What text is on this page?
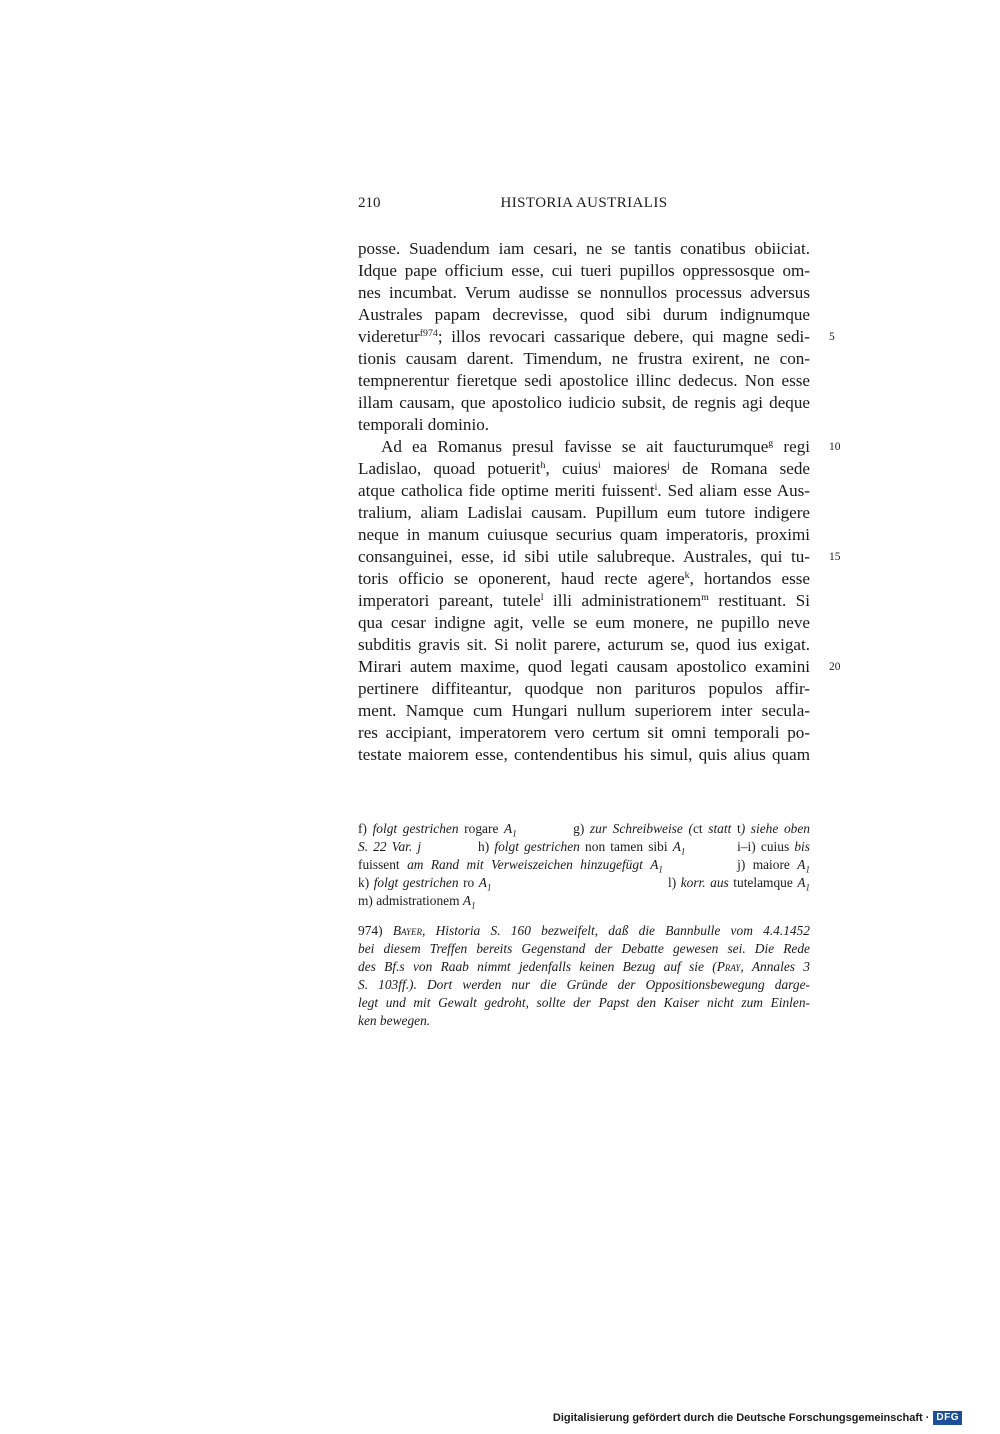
210	HISTORIA AUSTRIALIS
posse. Suadendum iam cesari, ne se tantis conatibus obiiciat.
Idque pape officium esse, cui tueri pupillos oppressosque om-
nes incumbat. Verum audisse se nonnullos processus adversus
Australes papam decrevisse, quod sibi durum indignumque
videretur$^{f974}$; illos revocari cassarique debere, qui magne sedi- 5
tionis causam darent. Timendum, ne frustra exirent, ne con-
tempnerentur fieretque sedi apostolice illinc dedecus. Non esse
illam causam, que apostolico iudicio subsit, de regnis agi deque
temporali dominio.
Ad ea Romanus presul favisse se ait faucturumque$^g$ regi 10
Ladislao, quoad potuerit$^h$, cuius$^i$ maiores$^j$ de Romana sede
atque catholica fide optime meriti fuissent$^i$. Sed aliam esse Aus-
tralium, aliam Ladislai causam. Pupillum eum tutore indigere
neque in manum cuiusque securius quam imperatoris, proximi
consanguinei, esse, id sibi utile salubreque. Australes, qui tu- 15
toris officio se oponerent, haud recte agere$^k$, hortandos esse
imperatori pareant, tutele$^l$ illi administrationem$^m$ restituant. Si
qua cesar indigne agit, velle se eum monere, ne pupillo neve
subditis gravis sit. Si nolit parere, acturum se, quod ius exigat.
Mirari autem maxime, quod legati causam apostolico examini 20
pertinere diffiteantur, quodque non parituros populos affir-
ment. Namque cum Hungari nullum superiorem inter secula-
res accipiant, imperatorem vero certum sit omni temporali po-
testate maiorem esse, contendentibus his simul, quis alius quam
f) folgt gestrichen rogare $A_1$	g) zur Schreibweise (ct statt t) siehe oben
S. 22 Var. j	h) folgt gestrichen non tamen sibi $A_1$	i–i) cuius bis
fuissent am Rand mit Verweiszeichen hinzugefügt $A_1$	j) maiore $A_1$
k) folgt gestrichen ro $A_1$	l) korr. aus tutelamque $A_1$
m) admistrationem $A_1$
974) Bayer, Historia S. 160 bezweifelt, daß die Bannbulle vom 4.4.1452
bei diesem Treffen bereits Gegenstand der Debatte gewesen sei. Die Rede
des Bf.s von Raab nimmt jedenfalls keinen Bezug auf sie (Pray, Annales 3
S. 103ff.). Dort werden nur die Gründe der Oppositionsbewegung darge-
legt und mit Gewalt gedroht, sollte der Papst den Kaiser nicht zum Einlen-
ken bewegen.
Digitalisierung gefördert durch die Deutsche Forschungsgemeinschaft · DFG
